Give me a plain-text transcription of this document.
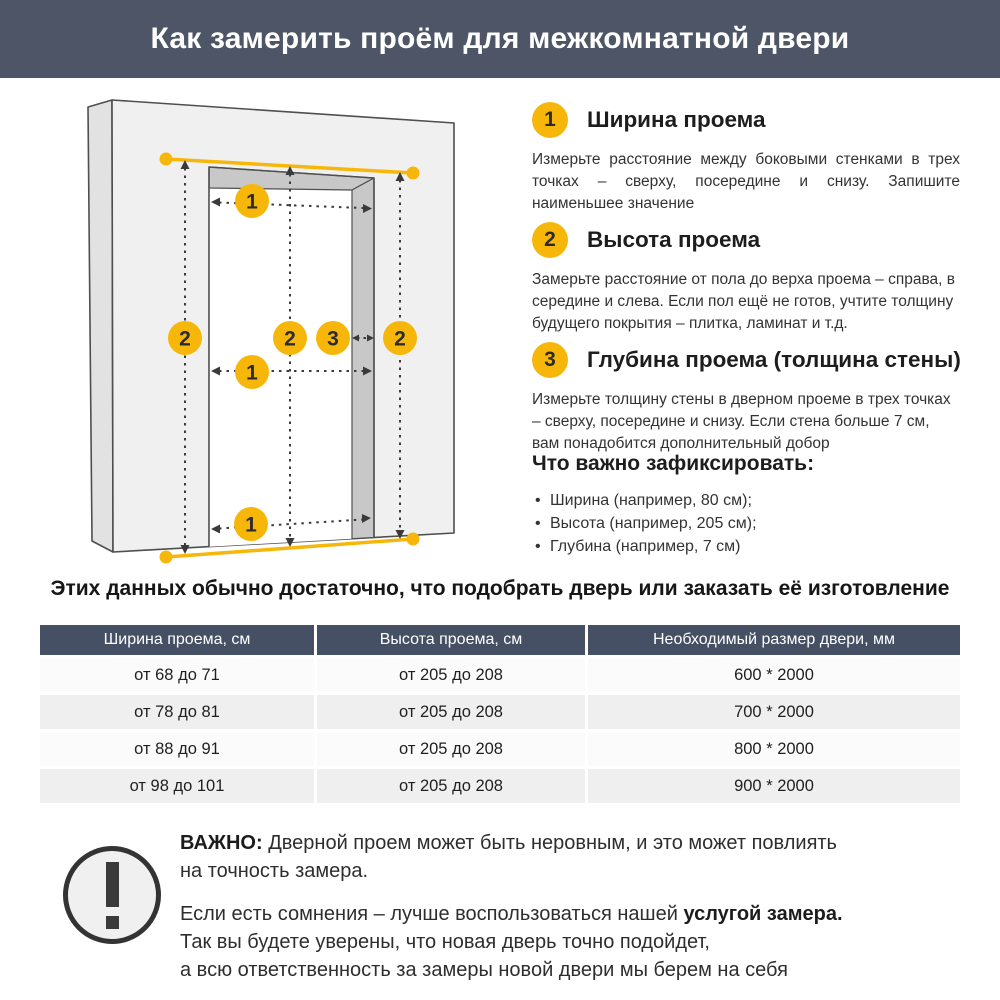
Как замерить проём для межкомнатной двери
1
2	2 3	2
1
1
1 Ширина проема

Измерьте расстояние между боковыми стенками в трех точках – сверху, посередине и снизу. Запишите наименьшее значение

2 Высота проема

Замерьте расстояние от пола до верха проема – справа, в середине и слева. Если пол ещё не готов, учтите толщину будущего покрытия – плитка, ламинат и т.д.

3 Глубина проема (толщина стены)

Измерьте толщину стены в дверном проеме в трех точках – сверху, посередине и снизу. Если стена больше 7 см, вам понадобится дополнительный добор

Что важно зафиксировать:
• Ширина (например, 80 см);
• Высота (например, 205 см);
• Глубина (например, 7 см)
Этих данных обычно достаточно, что подобрать дверь или заказать её изготовление
Ширина проема, см	Высота проема, см	Необходимый размер двери, мм
от 68 до 71	от 205 до 208	600 * 2000
от 78 до 81	от 205 до 208	700 * 2000
от 88 до 91	от 205 до 208	800 * 2000
от 98 до 101	от 205 до 208	900 * 2000

ВАЖНО: Дверной проем может быть неровным, и это может повлиять
на точность замера.

Если есть сомнения – лучше воспользоваться нашей услугой замера.
Так вы будете уверены, что новая дверь точно подойдет,
а всю ответственность за замеры новой двери мы берем на себя
